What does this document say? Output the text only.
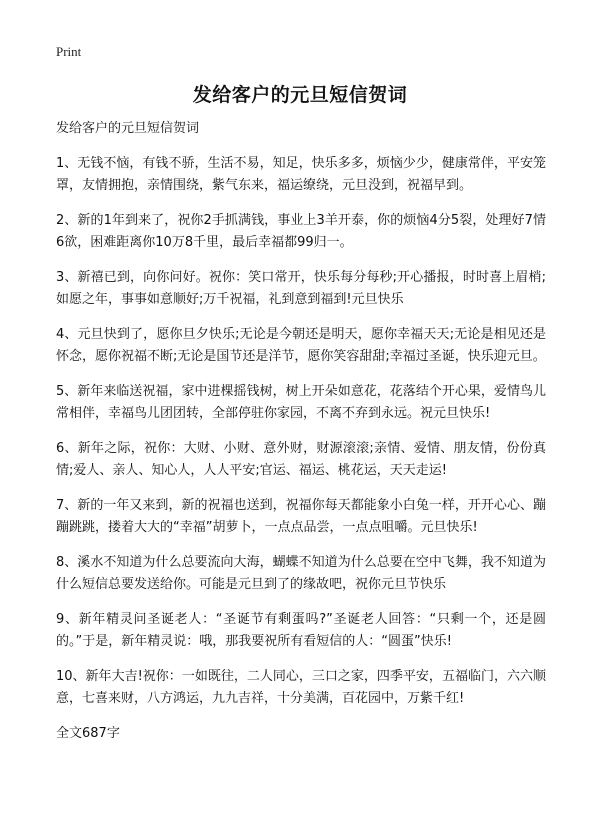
Print
发给客户的元旦短信贺词

发给客户的元旦短信贺词

1、无钱不恼，有钱不骄，生活不易，知足，快乐多多，烦恼少少，健康常伴，平安笼罩，友情拥抱，亲情围绕，紫气东来，福运缭绕，元旦没到，祝福早到。

2、新的1年到来了，祝你2手抓满钱，事业上3羊开泰，你的烦恼4分5裂，处理好7情6欲，困难距离你10万8千里，最后幸福都99归一。

3、新禧已到，向你问好。祝你：笑口常开，快乐每分每秒;开心播报，时时喜上眉梢;如愿之年，事事如意顺好;万千祝福，礼到意到福到!元旦快乐

4、元旦快到了，愿你旦夕快乐;无论是今朝还是明天，愿你幸福天天;无论是相见还是怀念，愿你祝福不断;无论是国节还是洋节，愿你笑容甜甜;幸福过圣诞，快乐迎元旦。

5、新年来临送祝福，家中进棵摇钱树，树上开朵如意花，花落结个开心果，爱情鸟儿常相伴，幸福鸟儿团团转，全部停驻你家园，不离不弃到永远。祝元旦快乐!

6、新年之际，祝你：大财、小财、意外财，财源滚滚;亲情、爱情、朋友情，份份真情;爱人、亲人、知心人，人人平安;官运、福运、桃花运，天天走运!

7、新的一年又来到，新的祝福也送到，祝福你每天都能象小白兔一样，开开心心、蹦蹦跳跳，搂着大大的“幸福”胡萝卜，一点点品尝，一点点咀嚼。元旦快乐!

8、溪水不知道为什么总要流向大海，蝴蝶不知道为什么总要在空中飞舞，我不知道为什么短信总要发送给你。可能是元旦到了的缘故吧，祝你元旦节快乐

9、新年精灵问圣诞老人：“圣诞节有剩蛋吗?”圣诞老人回答：“只剩一个，还是圆的。”于是，新年精灵说：哦，那我要祝所有看短信的人：“圆蛋”快乐!

10、新年大吉!祝你：一如既往，二人同心，三口之家，四季平安，五福临门，六六顺意，七喜来财，八方鸿运，九九吉祥，十分美满，百花园中，万紫千红!

全文687字
